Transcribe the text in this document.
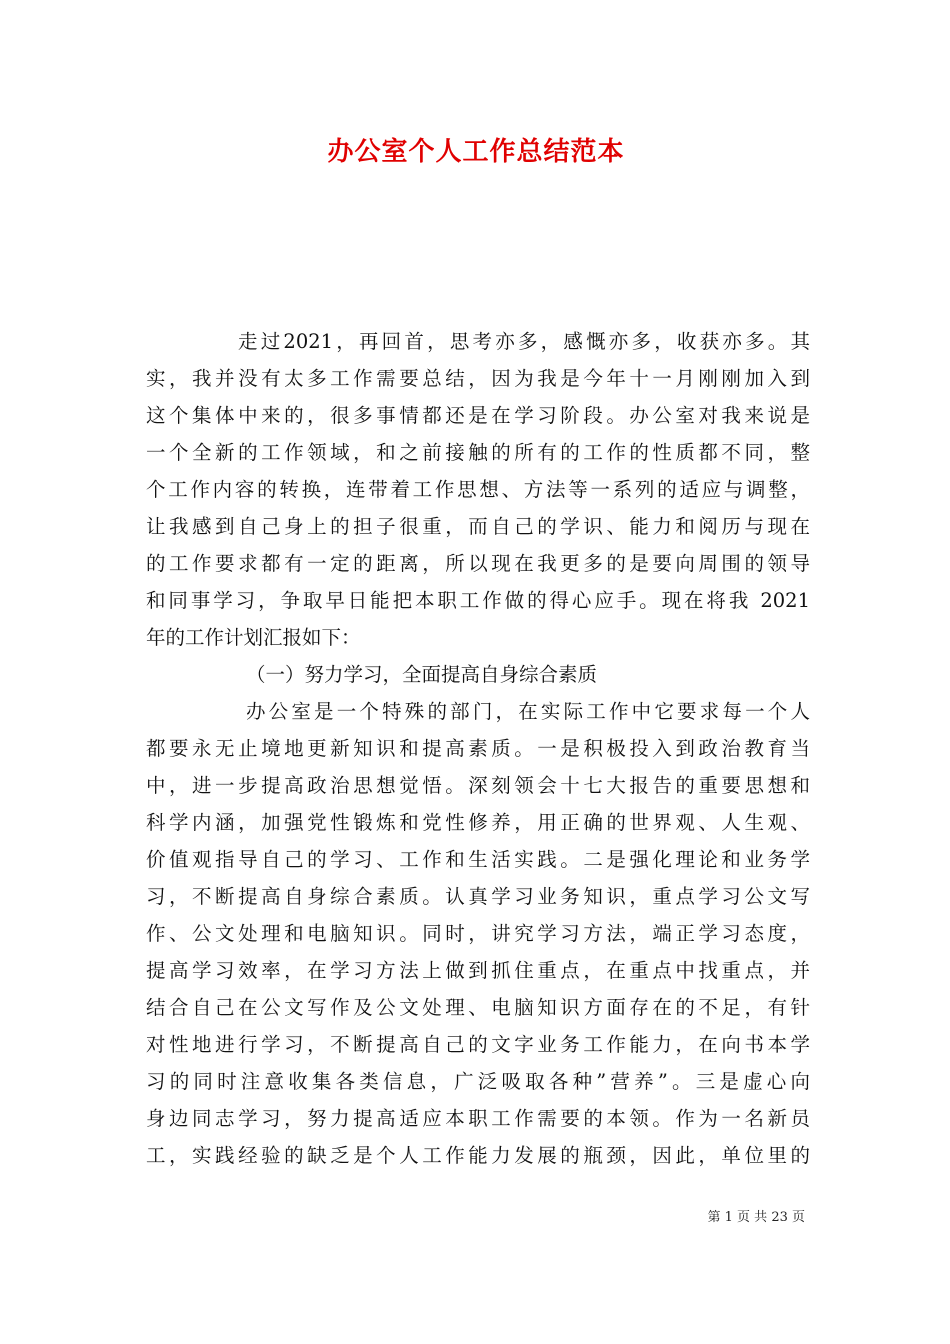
办公室个人工作总结范本
走过2021，再回首，思考亦多，感慨亦多，收获亦多。其
实，我并没有太多工作需要总结，因为我是今年十一月刚刚加入到
这个集体中来的，很多事情都还是在学习阶段。办公室对我来说是
一个全新的工作领域，和之前接触的所有的工作的性质都不同，整
个工作内容的转换，连带着工作思想、方法等一系列的适应与调整，
让我感到自己身上的担子很重，而自己的学识、能力和阅历与现在
的工作要求都有一定的距离，所以现在我更多的是要向周围的领导
和同事学习，争取早日能把本职工作做的得心应手。现在将我 2021
年的工作计划汇报如下：
（一）努力学习，全面提高自身综合素质
办公室是一个特殊的部门，在实际工作中它要求每一个人
都要永无止境地更新知识和提高素质。一是积极投入到政治教育当
中，进一步提高政治思想觉悟。深刻领会十七大报告的重要思想和
科学内涵，加强党性锻炼和党性修养，用正确的世界观、人生观、
价值观指导自己的学习、工作和生活实践。二是强化理论和业务学
习，不断提高自身综合素质。认真学习业务知识，重点学习公文写
作、公文处理和电脑知识。同时，讲究学习方法，端正学习态度，
提高学习效率，在学习方法上做到抓住重点，在重点中找重点，并
结合自己在公文写作及公文处理、电脑知识方面存在的不足，有针
对性地进行学习，不断提高自己的文字业务工作能力，在向书本学
习的同时注意收集各类信息，广泛吸取各种”营养”。三是虚心向
身边同志学习，努力提高适应本职工作需要的本领。作为一名新员
工，实践经验的缺乏是个人工作能力发展的瓶颈，因此，单位里的
第 1 页 共 23 页
